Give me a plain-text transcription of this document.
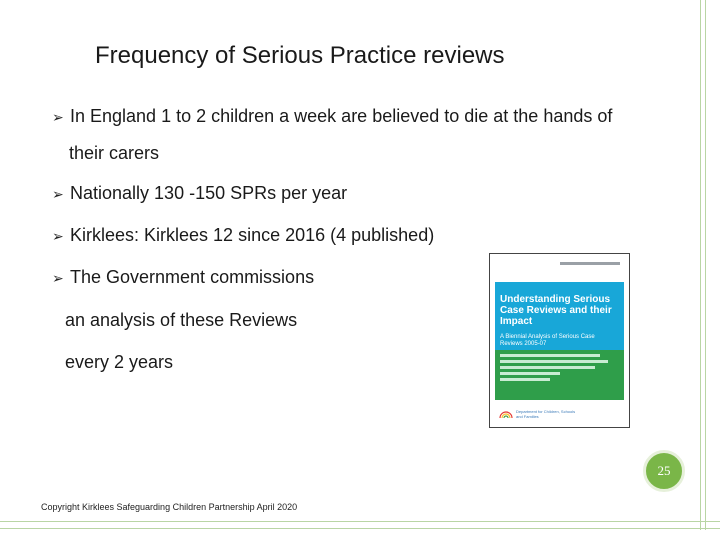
Frequency of Serious Practice reviews
➢ In England 1 to 2 children a week are believed to die at the hands of
their carers
➢ Nationally 130 -150 SPRs per year
➢ Kirklees: Kirklees 12 since 2016 (4 published)
➢ The Government commissions
an analysis of these Reviews
every 2 years
Understanding Serious Case Reviews and their Impact
A Biennial Analysis of Serious Case Reviews 2005-07
Department for Children, Schools and Families
25
Copyright Kirklees Safeguarding Children Partnership April 2020
